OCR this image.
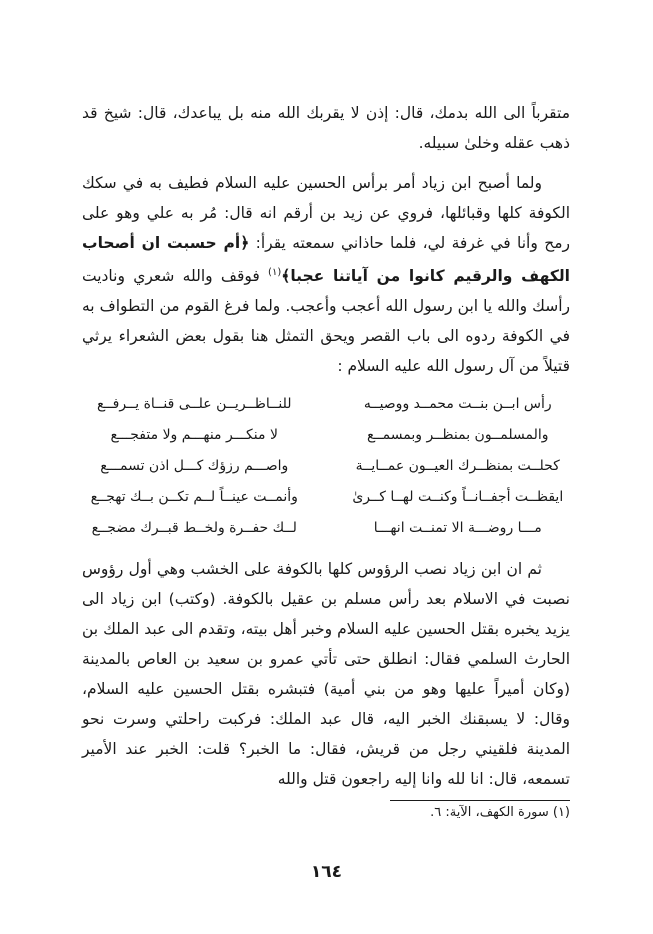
متقرباً الى الله بدمك، قال: إذن لا يقربك الله منه بل يباعدك، قال: شيخ قد ذهب عقله وخلىٰ سبيله.

ولما أصبح ابن زياد أمر برأس الحسين عليه السلام فطيف به في سكك الكوفة كلها وقبائلها، فروي عن زيد بن أرقم انه قال: مُر به علي وهو على رمح وأنا في غرفة لي، فلما حاذاني سمعته يقرأ: ﴿أم حسبت ان أصحاب الكهف والرقيم كانوا من آياتنا عجبا﴾$^{(١)}$ فوقف والله شعري وناديت رأسك والله يا ابن رسول الله أعجب وأعجب. ولما فرغ القوم من التطواف به في الكوفة ردوه الى باب القصر ويحق التمثل هنا بقول بعض الشعراء يرثي قتيلاً من آل رسول الله عليه السلام :

رأس ابــن بنــت محمــد ووصيــه
للنــاظــريــن علــى قنــاة يــرفــع
والمسلمــون بمنظــر وبمسمــع
لا منكـــر منهـــم ولا متفجـــع
كحلــت بمنظــرك العيــون عمــايــة
واصـــم رزؤك كـــل اذن تسمـــع
ايقظــت أجفــانــاً وكنــت لهــا كــرىٰ
وأنمــت عينــاً لــم تكــن بــك تهجــع
مـــا روضـــة الا تمنــت انهـــا
لــك حفــرة ولخــط قبــرك مضجــع

ثم ان ابن زياد نصب الرؤوس كلها بالكوفة على الخشب وهي أول رؤوس نصبت في الاسلام بعد رأس مسلم بن عقيل بالكوفة. (وكتب) ابن زياد الى يزيد يخبره بقتل الحسين عليه السلام وخبر أهل بيته، وتقدم الى عبد الملك بن الحارث السلمي فقال: انطلق حتى تأتي عمرو بن سعيد بن العاص بالمدينة (وكان أميراً عليها وهو من بني أمية) فتبشره بقتل الحسين عليه السلام، وقال: لا يسبقنك الخبر اليه، قال عبد الملك: فركبت راحلتي وسرت نحو المدينة فلقيني رجل من قريش، فقال: ما الخبر؟ قلت: الخبر عند الأمير تسمعه، قال: انا لله وانا إليه راجعون قتل والله

(١) سورة الكهف، الآية: ٦.
١٦٤
